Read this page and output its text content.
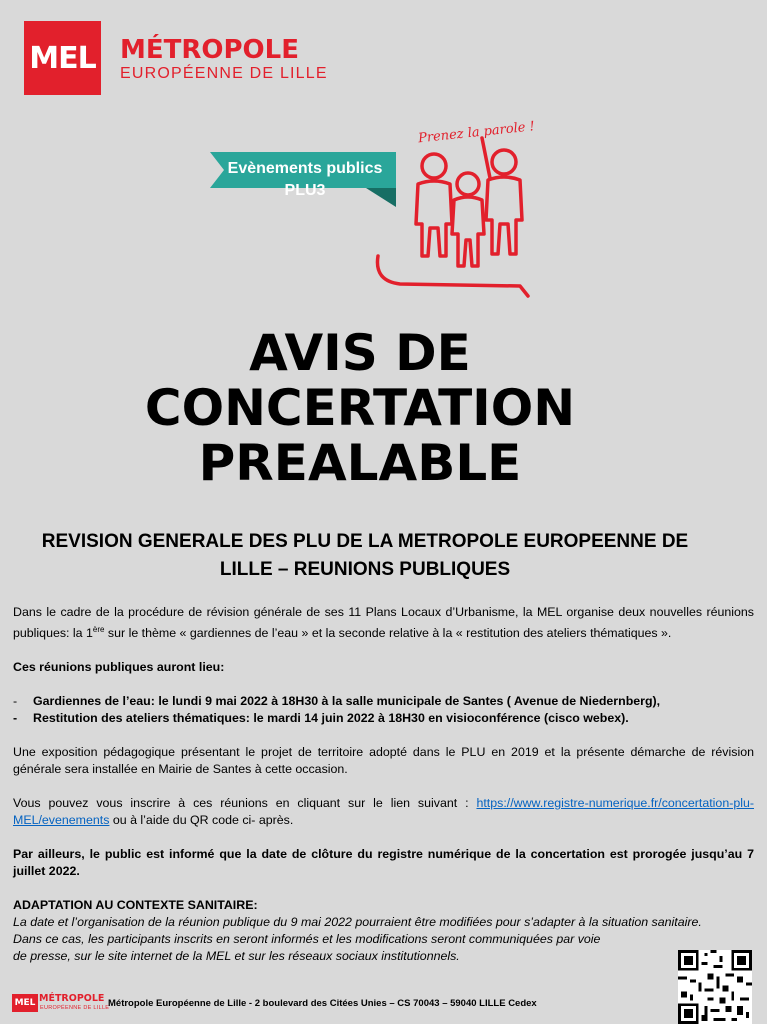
MEL MÉTROPOLE
EUROPÉENNE DE LILLE
Evènements publics
PLU3
Prenez la parole !
AVIS DE
CONCERTATION
PREALABLE
REVISION GENERALE DES PLU DE LA METROPOLE EUROPEENNE DE
LILLE – REUNIONS PUBLIQUES

Dans le cadre de la procédure de révision générale de ses 11 Plans Locaux d’Urbanisme, la MEL organise deux nouvelles réunions publiques: la 1ère sur le thème « gardiennes de l’eau » et la seconde relative à la « restitution des ateliers thématiques ».

Ces réunions publiques auront lieu:

-	Gardiennes de l’eau: le lundi 9 mai 2022 à 18H30 à la salle municipale de Santes ( Avenue de Niedernberg),
-	Restitution des ateliers thématiques: le mardi 14 juin 2022 à 18H30 en visioconférence (cisco webex).

Une exposition pédagogique présentant le projet de territoire adopté dans le PLU en 2019 et la présente démarche de révision générale sera installée en Mairie de Santes à cette occasion.

Vous pouvez vous inscrire à ces réunions en cliquant sur le lien suivant : https://www.registre-numerique.fr/concertation-plu-MEL/evenements ou à l’aide du QR code ci- après.

Par ailleurs, le public est informé que la date de clôture du registre numérique de la concertation est prorogée jusqu’au 7 juillet 2022.

ADAPTATION AU CONTEXTE SANITAIRE:

La date et l’organisation de la réunion publique du 9 mai 2022 pourraient être modifiées pour s’adapter à la situation sanitaire.

Dans ce cas, les participants inscrits en seront informés et les modifications seront communiquées par voie

de presse, sur le site internet de la MEL et sur les réseaux sociaux institutionnels.

MEL MÉTROPOLE
EUROPÉENNE DE LILLE
Métropole Européenne de Lille - 2 boulevard des Citées Unies – CS 70043 – 59040 LILLE Cedex
